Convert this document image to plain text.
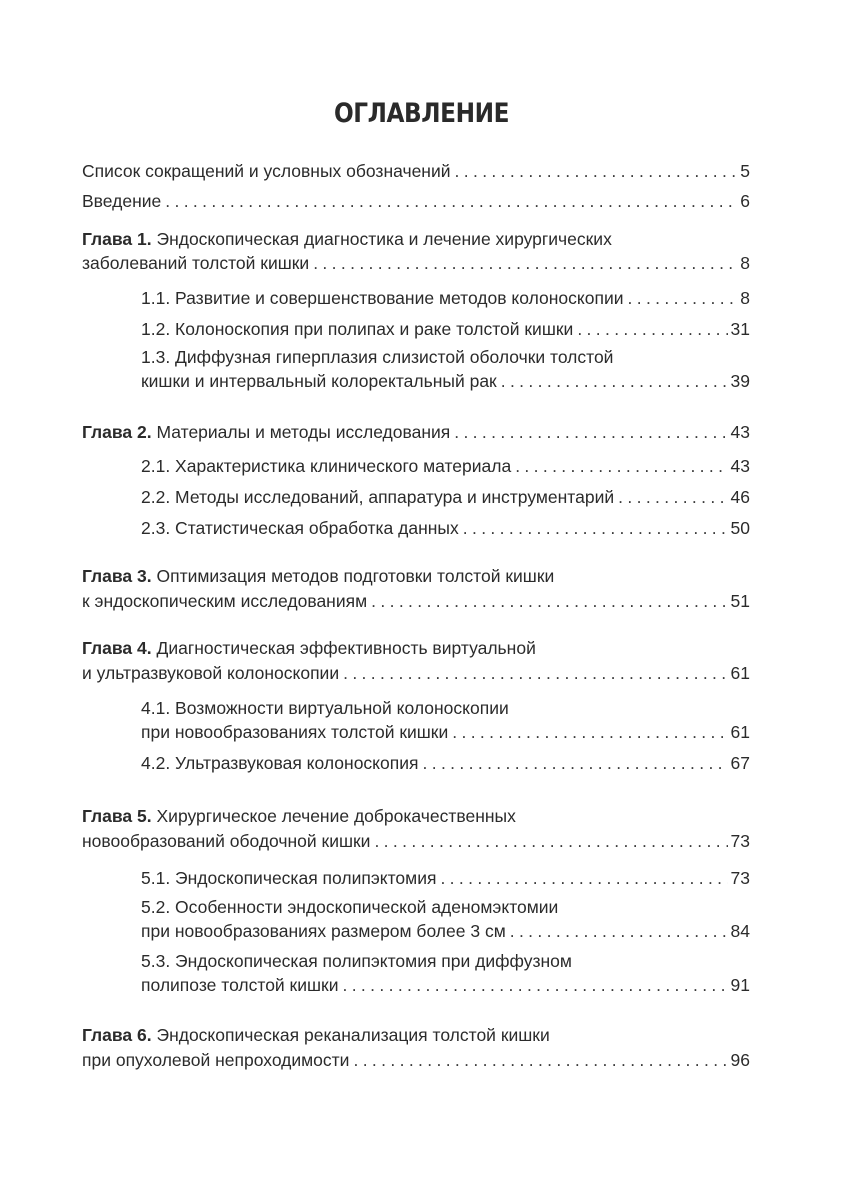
ОГЛАВЛЕНИЕ
Список сокращений и условных обозначений . . .	5
Введение . . .	6
Глава 1. Эндоскопическая диагностика и лечение хирургических
заболеваний толстой кишки . . .	8
1.1. Развитие и совершенствование методов колоноскопии . . .	8
1.2. Колоноскопия при полипах и раке толстой кишки . . .	31
1.3. Диффузная гиперплазия слизистой оболочки толстой
кишки и интервальный колоректальный рак . . .	39
Глава 2. Материалы и методы исследования . . .	43
2.1. Характеристика клинического материала . . .	43
2.2. Методы исследований, аппаратура и инструментарий . . .	46
2.3. Статистическая обработка данных . . .	50
Глава 3. Оптимизация методов подготовки толстой кишки
к эндоскопическим исследованиям . . .	51
Глава 4. Диагностическая эффективность виртуальной
и ультразвуковой колоноскопии . . .	61
4.1. Возможности виртуальной колоноскопии
при новообразованиях толстой кишки . . .	61
4.2. Ультразвуковая колоноскопия . . .	67
Глава 5. Хирургическое лечение доброкачественных
новообразований ободочной кишки . . .	73
5.1. Эндоскопическая полипэктомия . . .	73
5.2. Особенности эндоскопической аденомэктомии
при новообразованиях размером более 3 см . . .	84
5.3. Эндоскопическая полипэктомия при диффузном
полипозе толстой кишки . . .	91
Глава 6. Эндоскопическая реканализация толстой кишки
при опухолевой непроходимости . . .	96
